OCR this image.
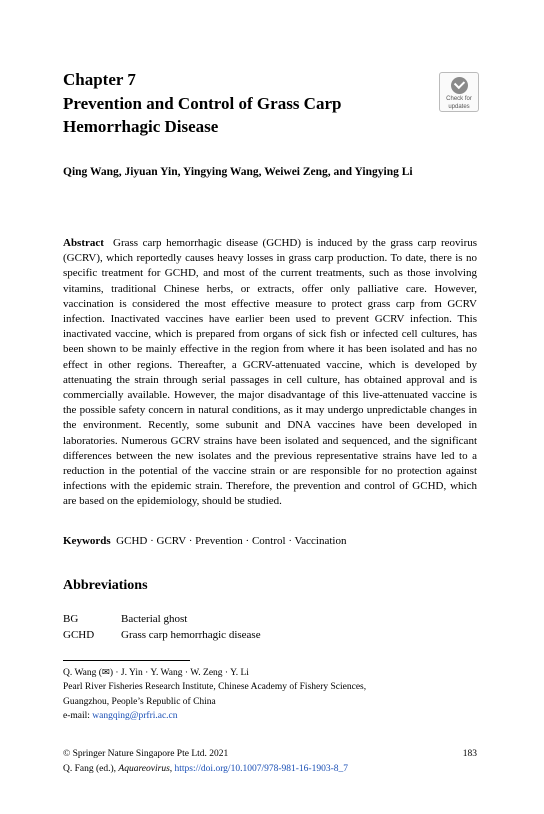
Chapter 7
Prevention and Control of Grass Carp Hemorrhagic Disease
Check for
updates
Qing Wang, Jiyuan Yin, Yingying Wang, Weiwei Zeng, and Yingying Li
Abstract Grass carp hemorrhagic disease (GCHD) is induced by the grass carp reovirus (GCRV), which reportedly causes heavy losses in grass carp production. To date, there is no specific treatment for GCHD, and most of the current treatments, such as those involving vitamins, traditional Chinese herbs, or extracts, offer only palliative care. However, vaccination is considered the most effective measure to protect grass carp from GCRV infection. Inactivated vaccines have earlier been used to prevent GCRV infection. This inactivated vaccine, which is prepared from organs of sick fish or infected cell cultures, has been shown to be mainly effective in the region from where it has been isolated and has no effect in other regions. Thereafter, a GCRV-attenuated vaccine, which is developed by attenuating the strain through serial passages in cell culture, has obtained approval and is commercially available. However, the major disadvantage of this live-attenuated vaccine is the possible safety concern in natural conditions, as it may undergo unpredictable changes in the environment. Recently, some subunit and DNA vaccines have been developed in laboratories. Numerous GCRV strains have been isolated and sequenced, and the significant differences between the new isolates and the previous representative strains have led to a reduction in the potential of the vaccine strain or are responsible for no protection against infections with the epidemic strain. Therefore, the prevention and control of GCHD, which are based on the epidemiology, should be studied.
Keywords GCHD · GCRV · Prevention · Control · Vaccination
Abbreviations
BG	Bacterial ghost
GCHD Grass carp hemorrhagic disease
Q. Wang (✉) · J. Yin · Y. Wang · W. Zeng · Y. Li
Pearl River Fisheries Research Institute, Chinese Academy of Fishery Sciences,
Guangzhou, People’s Republic of China
e-mail: wangqing@prfri.ac.cn
© Springer Nature Singapore Pte Ltd. 2021	183
Q. Fang (ed.), Aquareovirus, https://doi.org/10.1007/978-981-16-1903-8_7
